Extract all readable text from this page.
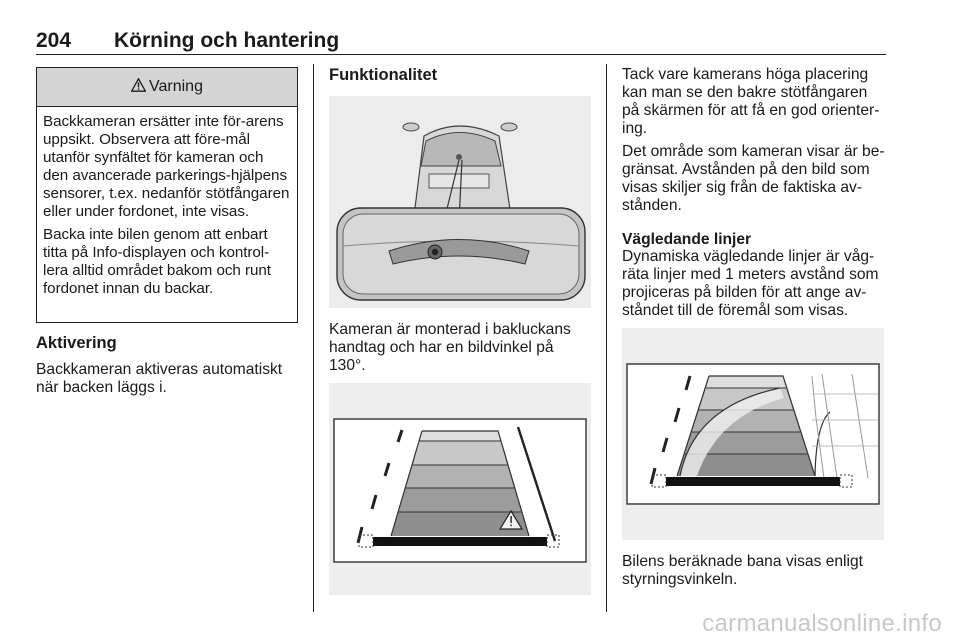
204 Körning och hantering
Varning

Backkameran ersätter inte för-arens uppsikt. Observera att före-mål utanför synfältet för kameran och den avancerade parkerings-hjälpens sensorer, t.ex. nedanför stötfångaren eller under fordonet, inte visas.

Backa inte bilen genom att enbart titta på Info-displayen och kontrol-lera alltid området bakom och runt fordonet innan du backar.

Aktivering

Backkameran aktiveras automatiskt när backen läggs i.

Funktionalitet

Kameran är monterad i bakluckans handtag och har en bildvinkel på 130°.

Tack vare kamerans höga placering kan man se den bakre stötfångaren på skärmen för att få en god orienter-ing.

Det område som kameran visar är be-gränsat. Avstånden på den bild som visas skiljer sig från de faktiska av-stånden.

Vägledande linjer

Dynamiska vägledande linjer är våg-räta linjer med 1 meters avstånd som projiceras på bilden för att ange av-ståndet till de föremål som visas.

Bilens beräknade bana visas enligt styrningsvinkeln.

carmanualsonline.info
